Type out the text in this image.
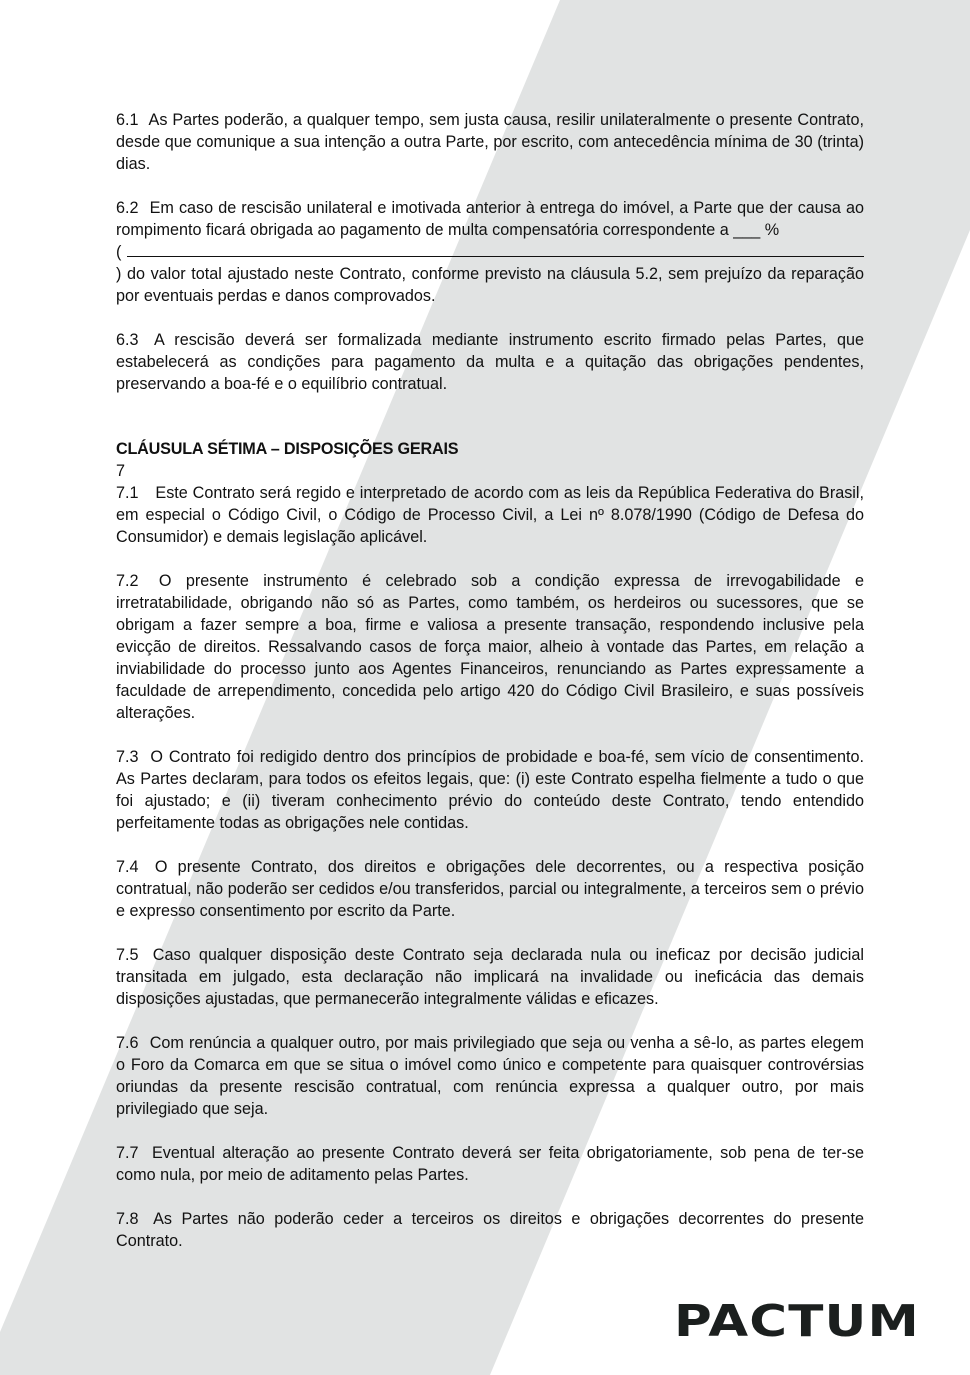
6.1 As Partes poderão, a qualquer tempo, sem justa causa, resilir unilateralmente o presente Contrato, desde que comunique a sua intenção a outra Parte, por escrito, com antecedência mínima de 30 (trinta) dias.

6.2 Em caso de rescisão unilateral e imotivada anterior à entrega do imóvel, a Parte que der causa ao rompimento ficará obrigada ao pagamento de multa compensatória correspondente a ___ %

(

) do valor total ajustado neste Contrato, conforme previsto na cláusula 5.2, sem prejuízo da reparação por eventuais perdas e danos comprovados.

6.3 A rescisão deverá ser formalizada mediante instrumento escrito firmado pelas Partes, que estabelecerá as condições para pagamento da multa e a quitação das obrigações pendentes, preservando a boa-fé e o equilíbrio contratual.

CLÁUSULA SÉTIMA – DISPOSIÇÕES GERAIS
7

7.1 Este Contrato será regido e interpretado de acordo com as leis da República Federativa do Brasil, em especial o Código Civil, o Código de Processo Civil, a Lei nº 8.078/1990 (Código de Defesa do Consumidor) e demais legislação aplicável.

7.2 O presente instrumento é celebrado sob a condição expressa de irrevogabilidade e irretratabilidade, obrigando não só as Partes, como também, os herdeiros ou sucessores, que se obrigam a fazer sempre a boa, firme e valiosa a presente transação, respondendo inclusive pela evicção de direitos. Ressalvando casos de força maior, alheio à vontade das Partes, em relação a inviabilidade do processo junto aos Agentes Financeiros, renunciando as Partes expressamente a faculdade de arrependimento, concedida pelo artigo 420 do Código Civil Brasileiro, e suas possíveis alterações.

7.3 O Contrato foi redigido dentro dos princípios de probidade e boa-fé, sem vício de consentimento. As Partes declaram, para todos os efeitos legais, que: (i) este Contrato espelha fielmente a tudo o que foi ajustado; e (ii) tiveram conhecimento prévio do conteúdo deste Contrato, tendo entendido perfeitamente todas as obrigações nele contidas.

7.4 O presente Contrato, dos direitos e obrigações dele decorrentes, ou a respectiva posição contratual, não poderão ser cedidos e/ou transferidos, parcial ou integralmente, a terceiros sem o prévio e expresso consentimento por escrito da Parte.

7.5 Caso qualquer disposição deste Contrato seja declarada nula ou ineficaz por decisão judicial transitada em julgado, esta declaração não implicará na invalidade ou ineficácia das demais disposições ajustadas, que permanecerão integralmente válidas e eficazes.

7.6 Com renúncia a qualquer outro, por mais privilegiado que seja ou venha a sê-lo, as partes elegem o Foro da Comarca em que se situa o imóvel como único e competente para quaisquer controvérsias oriundas da presente rescisão contratual, com renúncia expressa a qualquer outro, por mais privilegiado que seja.

7.7 Eventual alteração ao presente Contrato deverá ser feita obrigatoriamente, sob pena de ter-se como nula, por meio de aditamento pelas Partes.

7.8 As Partes não poderão ceder a terceiros os direitos e obrigações decorrentes do presente Contrato.

PACTUM
